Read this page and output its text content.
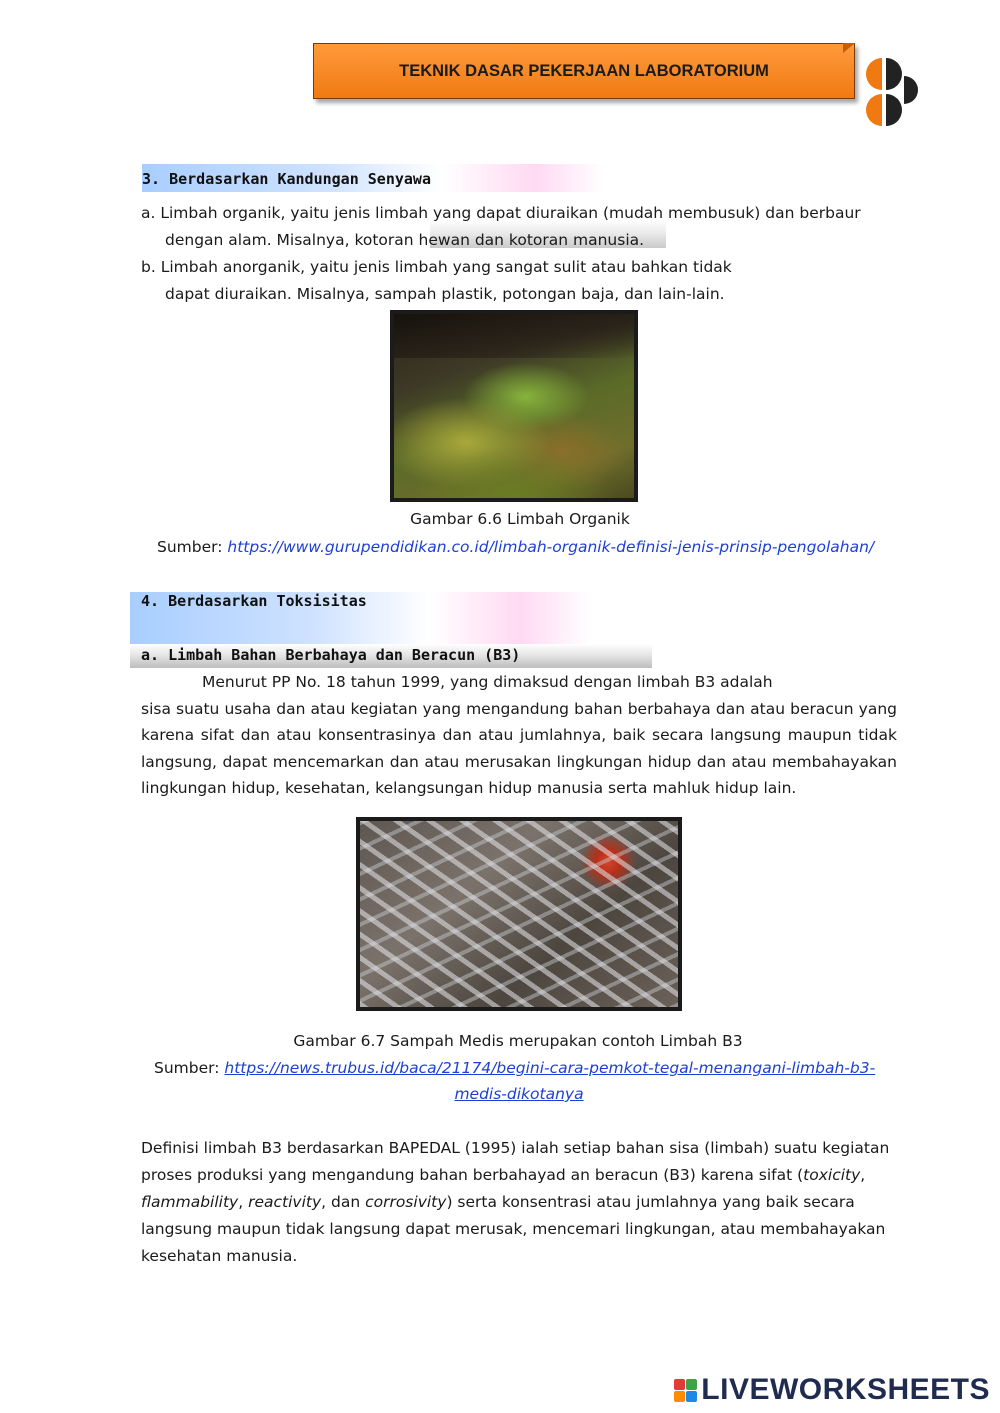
TEKNIK DASAR PEKERJAAN LABORATORIUM
3. Berdasarkan Kandungan Senyawa
a. Limbah organik, yaitu jenis limbah yang dapat diuraikan (mudah membusuk) dan berbaur
dengan alam. Misalnya, kotoran hewan dan kotoran manusia.
b. Limbah anorganik, yaitu jenis limbah yang sangat sulit atau bahkan tidak
dapat diuraikan. Misalnya, sampah plastik, potongan baja, dan lain-lain.
Gambar 6.6 Limbah Organik
Sumber: https://www.gurupendidikan.co.id/limbah-organik-definisi-jenis-prinsip-pengolahan/
4. Berdasarkan Toksisitas
a. Limbah Bahan Berbahaya dan Beracun (B3)
Menurut PP No. 18 tahun 1999, yang dimaksud dengan limbah B3 adalah
sisa suatu usaha dan atau kegiatan yang mengandung bahan berbahaya dan atau beracun yang
karena sifat dan atau konsentrasinya dan atau jumlahnya, baik secara langsung maupun tidak
langsung, dapat mencemarkan dan atau merusakan lingkungan hidup dan atau membahayakan
lingkungan hidup, kesehatan, kelangsungan hidup manusia serta mahluk hidup lain.
Gambar 6.7 Sampah Medis merupakan contoh Limbah B3
Sumber: https://news.trubus.id/baca/21174/begini-cara-pemkot-tegal-menangani-limbah-b3-
medis-dikotanya
Definisi limbah B3 berdasarkan BAPEDAL (1995) ialah setiap bahan sisa (limbah) suatu kegiatan
proses produksi yang mengandung bahan berbahayad an beracun (B3) karena sifat (toxicity,
flammability, reactivity, dan corrosivity) serta konsentrasi atau jumlahnya yang baik secara
langsung maupun tidak langsung dapat merusak, mencemari lingkungan, atau membahayakan
kesehatan manusia.
LIVEWORKSHEETS
